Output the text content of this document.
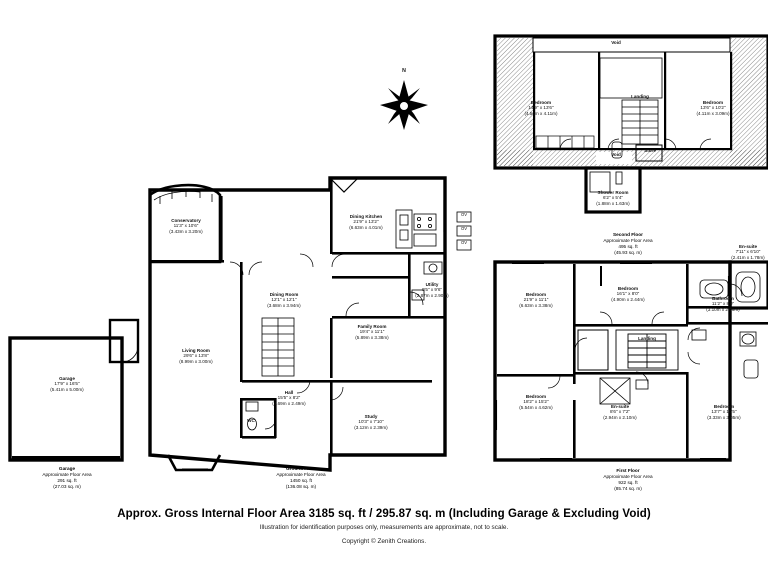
N
Void
Void
Bedroom
14'9" x 13'6"
(4.50m x 4.11m)
Bedroom
13'6" x 10'2"
(4.11m x 3.09m)
Landing
Store
Shower Room
6'2" x 5'4"
(1.88m x 1.63m)
Second Floor
Approximate Floor Area
495 sq. ft
(45.93 sq. m)
Bedroom
21'9" x 11'1"
(6.63m x 3.38m)
Bedroom
16'1" x 8'0"
(4.90m x 2.44m)
Bedroom
18'2" x 15'2"
(5.54m x 4.62m)	Bedroom
13'7" x 10'5"
(3.33m x 3.05m)
Bathroom
11'2" x 8'9"
(3.10m x 2.06m)
En-suite
7'11" x 6'10"
(2.41m x 1.78m)
En-suite
8'6" x 7'2"
(2.94m x 2.10m)
Landing
First Floor
Approximate Floor Area
922 sq. ft
(85.74 sq. m)
Garage
17'9" x 16'5"
(5.41m x 5.00m)
Garage
Approximate Floor Area
291 sq. ft
(27.03 sq. m)
Conservatory
11'3" x 10'6"
(3.43m x 3.20m)
Dining Kitchen
21'9" x 13'2"
(6.63m x 4.01m)
Dining Room
12'1" x 12'1"
(3.68m x 3.94m)
Living Room
29'6" x 13'8"
(8.99m x 3.00m)
Family Room
19'4" x 11'1"
(5.89m x 3.38m)
Utility
9'5" x 9'6"
(2.87m x 2.90m)
Hall
15'5" x 8'2"
(4.69m x 2.49m)
WC
Study
10'3" x 7'10"
(3.12m x 2.39m)
Ground Floor
Approximate Floor Area
1450 sq. ft
(136.08 sq. m)
OV
OV
OV
Approx. Gross Internal Floor Area 3185 sq. ft / 295.87 sq. m (Including Garage & Excluding Void)
Illustration for identification purposes only, measurements are approximate, not to scale.
Copyright © Zenith Creations.
